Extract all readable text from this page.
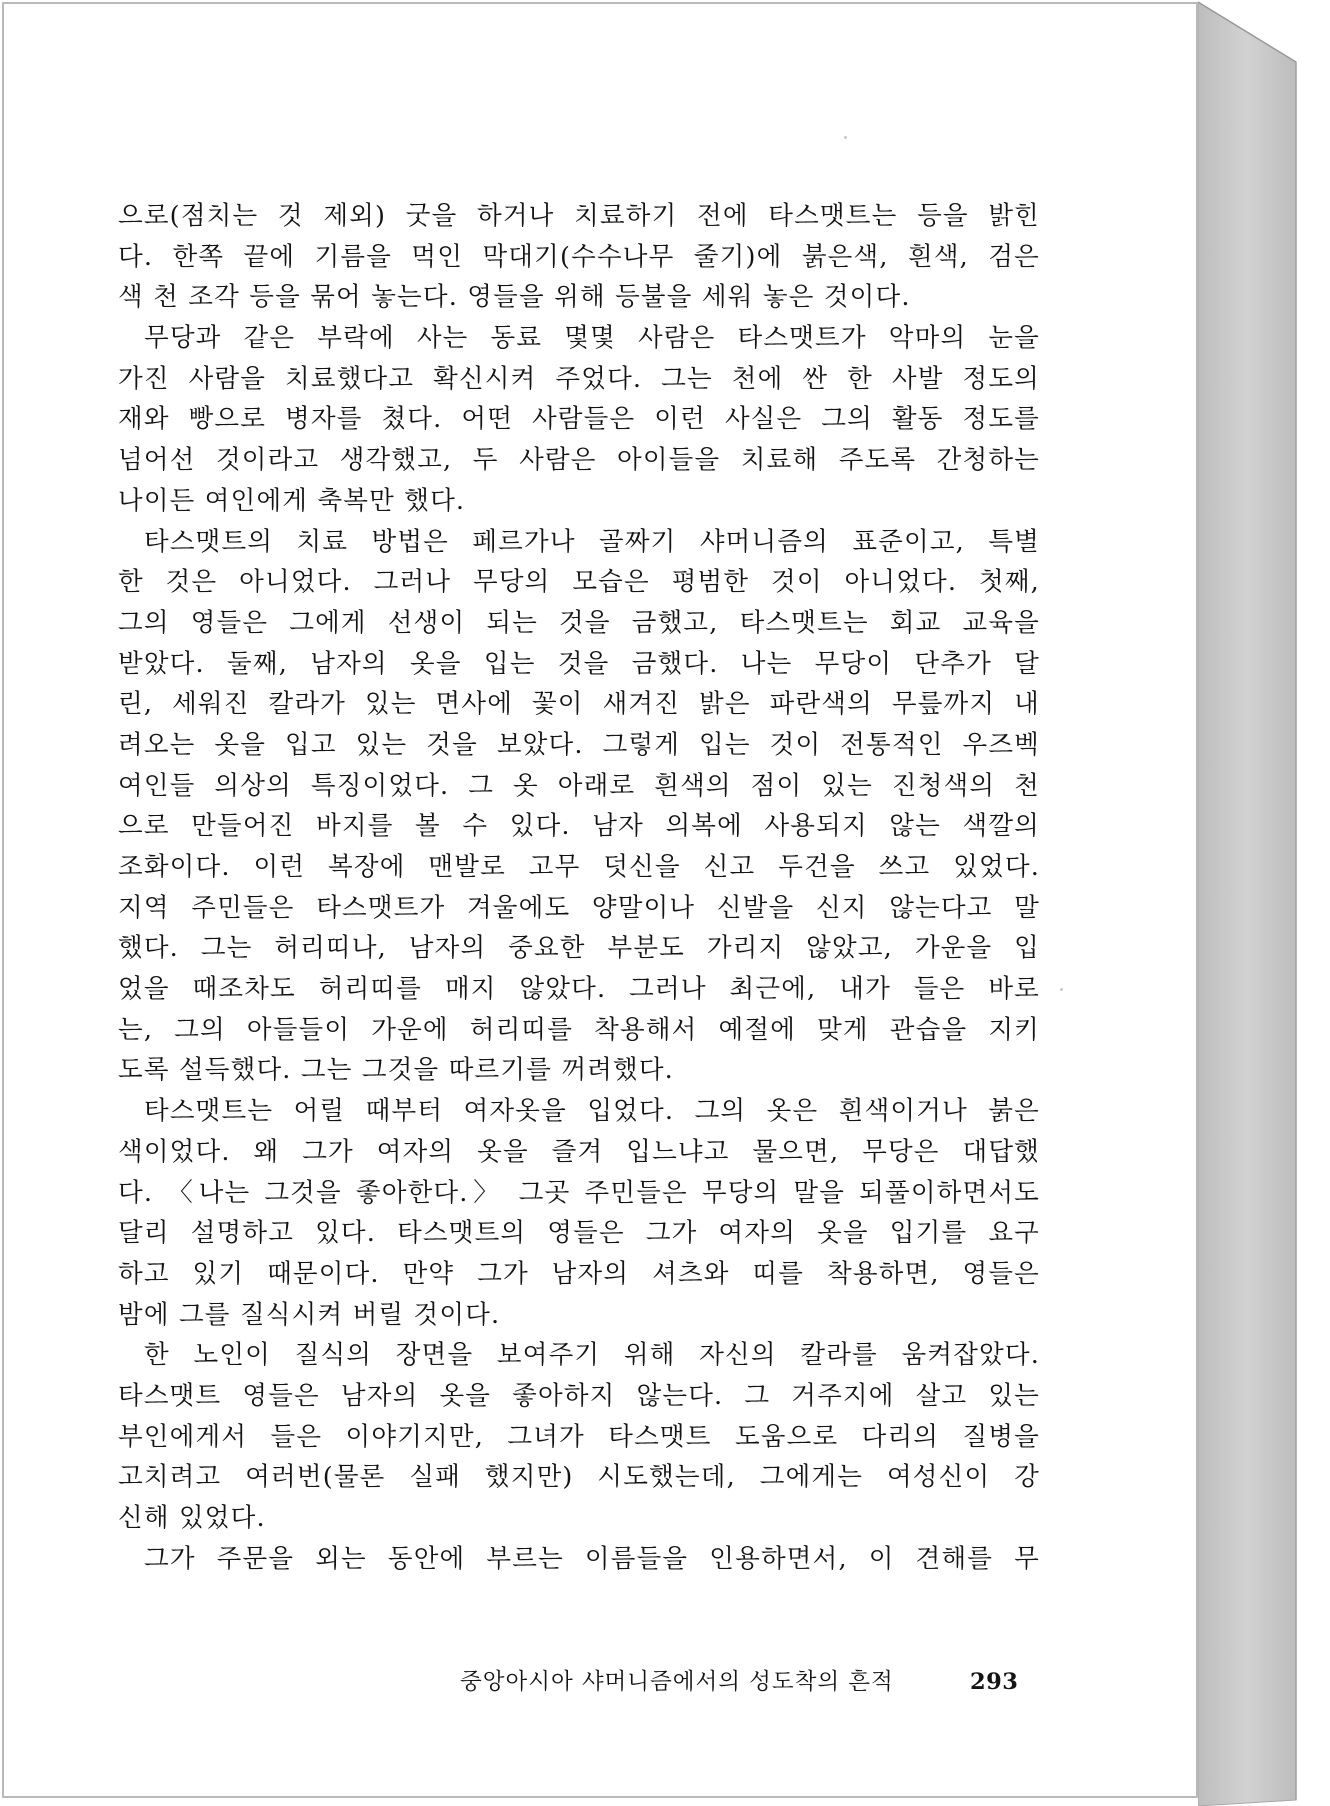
으로(점치는 것 제외) 굿을 하거나 치료하기 전에 타스맷트는 등을 밝힌
다. 한쪽 끝에 기름을 먹인 막대기(수수나무 줄기)에 붉은색, 흰색, 검은
색 천 조각 등을 묶어 놓는다. 영들을 위해 등불을 세워 놓은 것이다.
무당과 같은 부락에 사는 동료 몇몇 사람은 타스맷트가 악마의 눈을
가진 사람을 치료했다고 확신시켜 주었다. 그는 천에 싼 한 사발 정도의
재와 빵으로 병자를 쳤다. 어떤 사람들은 이런 사실은 그의 활동 정도를
넘어선 것이라고 생각했고, 두 사람은 아이들을 치료해 주도록 간청하는
나이든 여인에게 축복만 했다.
타스맷트의 치료 방법은 페르가나 골짜기 샤머니즘의 표준이고, 특별
한 것은 아니었다. 그러나 무당의 모습은 평범한 것이 아니었다. 첫째,
그의 영들은 그에게 선생이 되는 것을 금했고, 타스맷트는 회교 교육을
받았다. 둘째, 남자의 옷을 입는 것을 금했다. 나는 무당이 단추가 달
린, 세워진 칼라가 있는 면사에 꽃이 새겨진 밝은 파란색의 무릎까지 내
려오는 옷을 입고 있는 것을 보았다. 그렇게 입는 것이 전통적인 우즈벡
여인들 의상의 특징이었다. 그 옷 아래로 흰색의 점이 있는 진청색의 천
으로 만들어진 바지를 볼 수 있다. 남자 의복에 사용되지 않는 색깔의
조화이다. 이런 복장에 맨발로 고무 덧신을 신고 두건을 쓰고 있었다.
지역 주민들은 타스맷트가 겨울에도 양말이나 신발을 신지 않는다고 말
했다. 그는 허리띠나, 남자의 중요한 부분도 가리지 않았고, 가운을 입
었을 때조차도 허리띠를 매지 않았다. 그러나 최근에, 내가 들은 바로
는, 그의 아들들이 가운에 허리띠를 착용해서 예절에 맞게 관습을 지키
도록 설득했다. 그는 그것을 따르기를 꺼려했다.
타스맷트는 어릴 때부터 여자옷을 입었다. 그의 옷은 흰색이거나 붉은
색이었다. 왜 그가 여자의 옷을 즐겨 입느냐고 물으면, 무당은 대답했
다. 〈나는 그것을 좋아한다.〉 그곳 주민들은 무당의 말을 되풀이하면서도
달리 설명하고 있다. 타스맷트의 영들은 그가 여자의 옷을 입기를 요구
하고 있기 때문이다. 만약 그가 남자의 셔츠와 띠를 착용하면, 영들은
밤에 그를 질식시켜 버릴 것이다.
한 노인이 질식의 장면을 보여주기 위해 자신의 칼라를 움켜잡았다.
타스맷트 영들은 남자의 옷을 좋아하지 않는다. 그 거주지에 살고 있는
부인에게서 들은 이야기지만, 그녀가 타스맷트 도움으로 다리의 질병을
고치려고 여러번(물론 실패 했지만) 시도했는데, 그에게는 여성신이 강
신해 있었다.
그가 주문을 외는 동안에 부르는 이름들을 인용하면서, 이 견해를 무
중앙아시아 샤머니즘에서의 성도착의 흔적	293
